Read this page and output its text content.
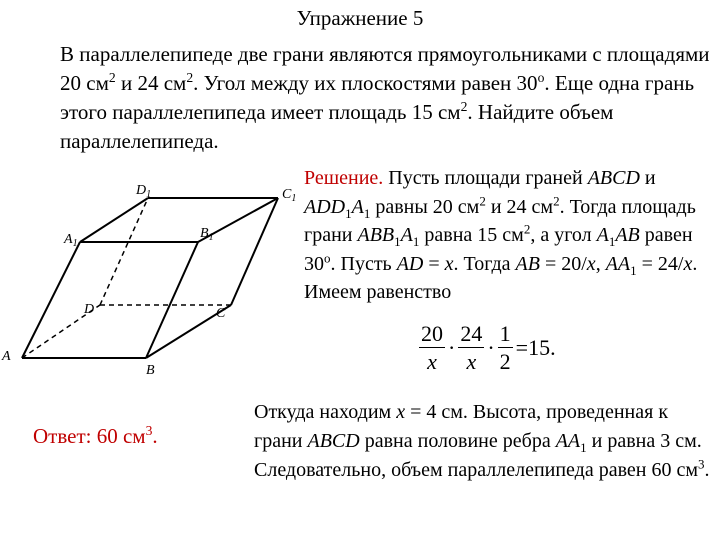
Упражнение 5
В параллелепипеде две грани являются прямоугольниками с площадями 20 $см^2$ и 24 $см^2$. Угол между их плоскостями равен 30$^o$. Еще одна грань этого параллелепипеда имеет площадь 15 $см^2$. Найдите объем параллелепипеда.
A
B
C
D
$A_1$
$B_1$
$C_1$
$D_1$
Решение. Пусть площади граней ABCD и $ADD_1A_1$ равны 20 $см^2$ и 24 $см^2$. Тогда площадь грани $ABB_1A_1$ равна 15 $см^2$, а угол $A_1AB$ равен 30$^o$. Пусть AD = x. Тогда AB = 20/x, $AA_1 = 24/x$. Имеем равенство
$\frac{20}{x} \cdot \frac{24}{x} \cdot \frac{1}{2} =15$.
Ответ: 60 $см^3$.
Откуда находим x = 4 см. Высота, проведенная к грани ABCD равна половине ребра $AA_1$ и равна 3 см. Следовательно, объем параллелепипеда равен 60 $см^3$.
